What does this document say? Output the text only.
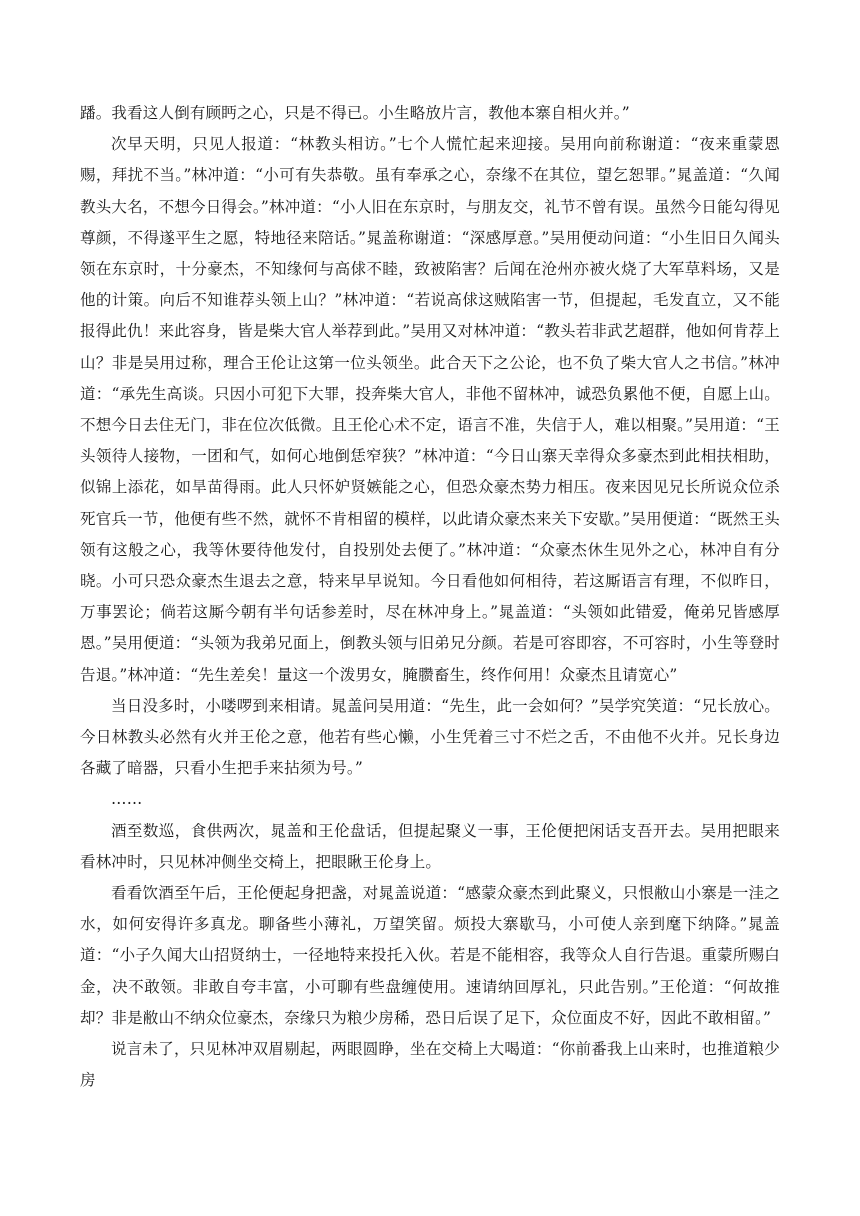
蹯。我看这人倒有顾眄之心，只是不得已。小生略放片言，教他本寨自相火并。”

次早天明，只见人报道：“林教头相访。”七个人慌忙起来迎接。吴用向前称谢道：“夜来重蒙恩赐，拜扰不当。”林冲道：“小可有失恭敬。虽有奉承之心，奈缘不在其位，望乞恕罪。”晁盖道：“久闻教头大名，不想今日得会。”林冲道：“小人旧在东京时，与朋友交，礼节不曾有误。虽然今日能勾得见尊颜，不得遂平生之愿，特地径来陪话。”晁盖称谢道：“深感厚意。”吴用便动问道：“小生旧日久闻头领在东京时，十分豪杰，不知缘何与高俅不睦，致被陷害？后闻在沧州亦被火烧了大军草料场，又是他的计策。向后不知谁荐头领上山？”林冲道：“若说高俅这贼陷害一节，但提起，毛发直立，又不能报得此仇！来此容身，皆是柴大官人举荐到此。”吴用又对林冲道：“教头若非武艺超群，他如何肯荐上山？非是吴用过称，理合王伦让这第一位头领坐。此合天下之公论，也不负了柴大官人之书信。”林冲道：“承先生高谈。只因小可犯下大罪，投奔柴大官人，非他不留林冲，诚恐负累他不便，自愿上山。不想今日去住无门，非在位次低微。且王伦心术不定，语言不准，失信于人，难以相聚。”吴用道：“王头领待人接物，一团和气，如何心地倒恁窄狭？”林冲道：“今日山寨天幸得众多豪杰到此相扶相助，似锦上添花，如旱苗得雨。此人只怀妒贤嫉能之心，但恐众豪杰势力相压。夜来因见兄长所说众位杀死官兵一节，他便有些不然，就怀不肯相留的模样，以此请众豪杰来关下安歇。”吴用便道：“既然王头领有这般之心，我等休要待他发付，自投别处去便了。”林冲道：“众豪杰休生见外之心，林冲自有分晓。小可只恐众豪杰生退去之意，特来早早说知。今日看他如何相待，若这厮语言有理，不似昨日，万事罢论；倘若这厮今朝有半句话参差时，尽在林冲身上。”晁盖道：“头领如此错爱，俺弟兄皆感厚恩。”吴用便道：“头领为我弟兄面上，倒教头领与旧弟兄分颜。若是可容即容，不可容时，小生等登时告退。”林冲道：“先生差矣！量这一个泼男女，腌臜畜生，终作何用！众豪杰且请宽心”

当日没多时，小喽啰到来相请。晁盖问吴用道：“先生，此一会如何？”吴学究笑道：“兄长放心。今日林教头必然有火并王伦之意，他若有些心懒，小生凭着三寸不烂之舌，不由他不火并。兄长身边各藏了暗器，只看小生把手来拈须为号。”

……

酒至数巡，食供两次，晁盖和王伦盘话，但提起聚义一事，王伦便把闲话支吾开去。吴用把眼来看林冲时，只见林冲侧坐交椅上，把眼瞅王伦身上。

看看饮酒至午后，王伦便起身把盏，对晁盖说道：“感蒙众豪杰到此聚义，只恨敝山小寨是一洼之水，如何安得许多真龙。聊备些小薄礼，万望笑留。烦投大寨歇马，小可使人亲到麾下纳降。”晁盖道：“小子久闻大山招贤纳士，一径地特来投托入伙。若是不能相容，我等众人自行告退。重蒙所赐白金，决不敢领。非敢自夸丰富，小可聊有些盘缠使用。速请纳回厚礼，只此告别。”王伦道：“何故推却？非是敝山不纳众位豪杰，奈缘只为粮少房稀，恐日后误了足下，众位面皮不好，因此不敢相留。”

说言未了，只见林冲双眉剔起，两眼圆睁，坐在交椅上大喝道：“你前番我上山来时，也推道粮少房
